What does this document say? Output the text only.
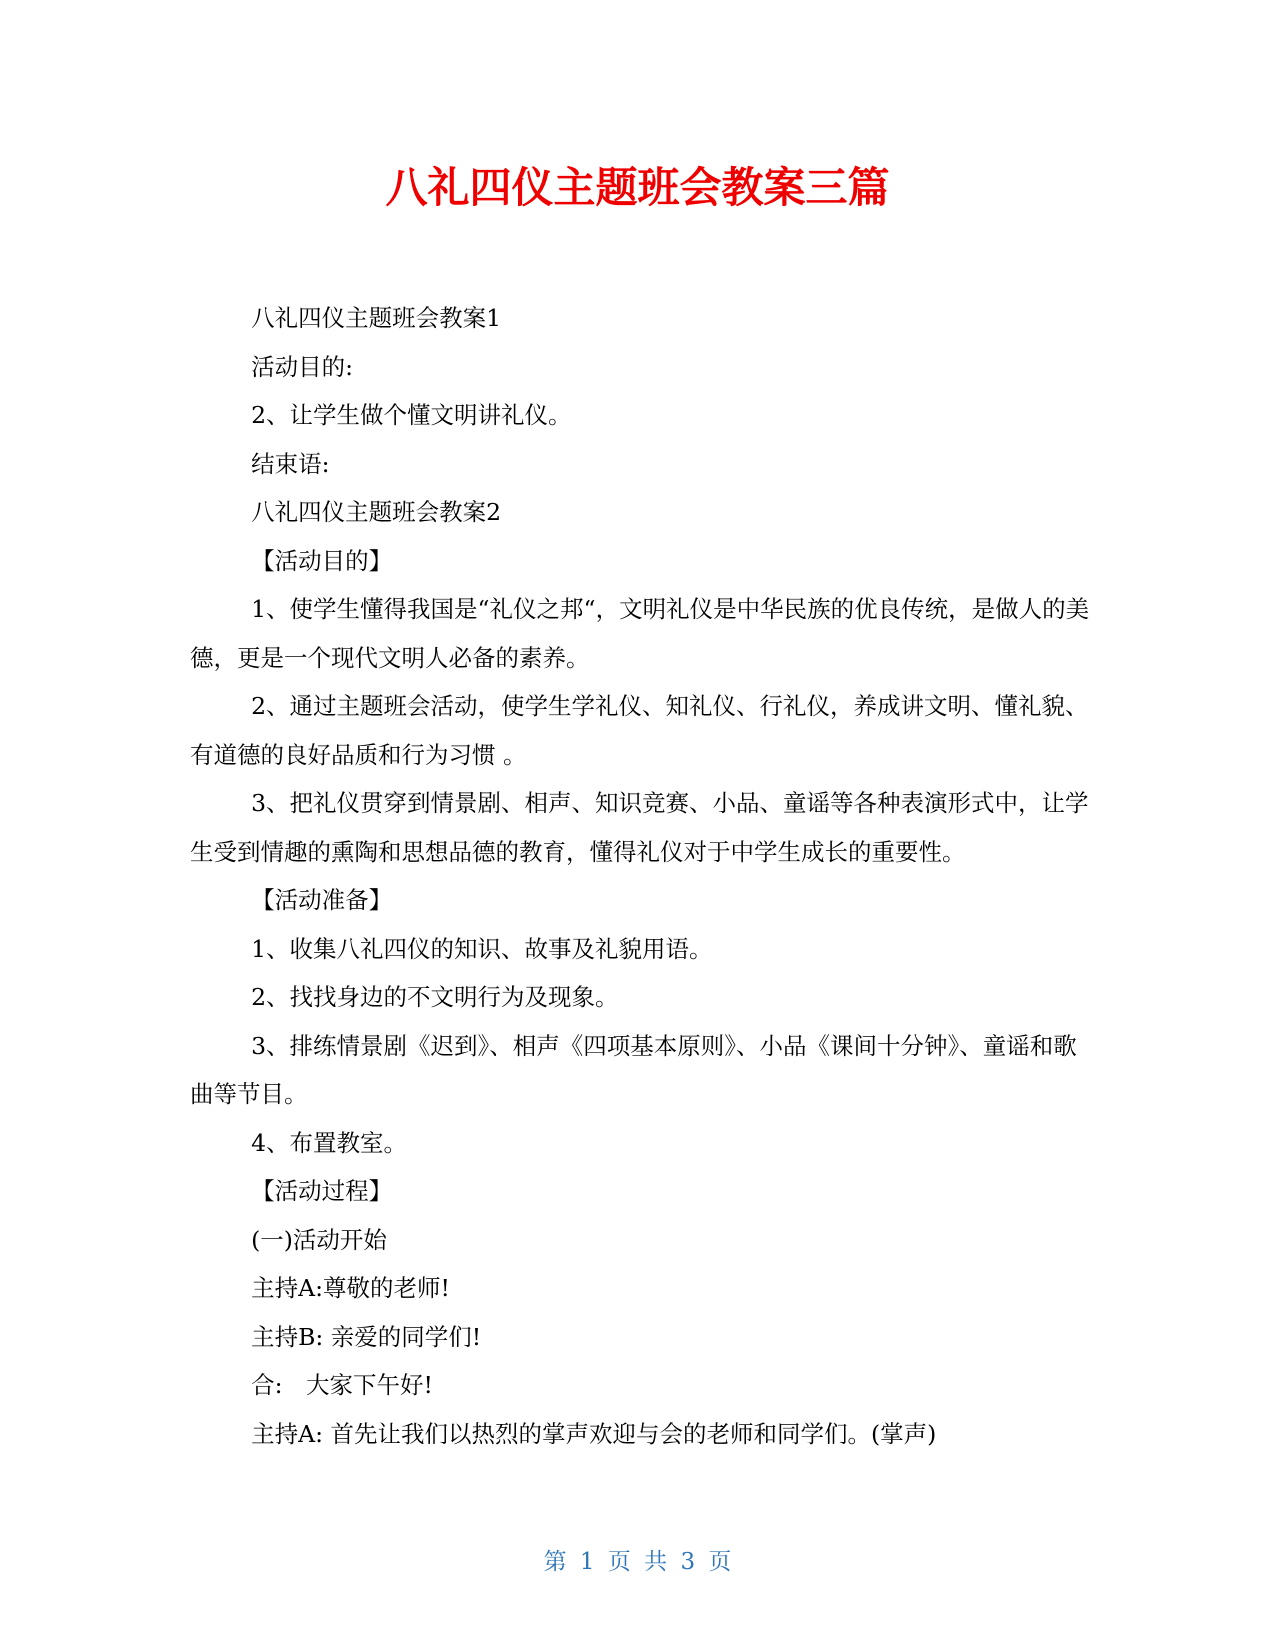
八礼四仪主题班会教案三篇

八礼四仪主题班会教案1

活动目的:

2、让学生做个懂文明讲礼仪。

结束语:

八礼四仪主题班会教案2

【活动目的】

1、使学生懂得我国是“礼仪之邦“，文明礼仪是中华民族的优良传统，是做人的美德，更是一个现代文明人必备的素养。

2、通过主题班会活动，使学生学礼仪、知礼仪、行礼仪，养成讲文明、懂礼貌、有道德的良好品质和行为习惯 。

3、把礼仪贯穿到情景剧、相声、知识竞赛、小品、童谣等各种表演形式中，让学生受到情趣的熏陶和思想品德的教育，懂得礼仪对于中学生成长的重要性。

【活动准备】

1、收集八礼四仪的知识、故事及礼貌用语。

2、找找身边的不文明行为及现象。

3、排练情景剧《迟到》、相声《四项基本原则》、小品《课间十分钟》、童谣和歌曲等节目。

4、布置教室。

【活动过程】

(一)活动开始

主持A:尊敬的老师!

主持B: 亲爱的同学们!

合:　大家下午好!

主持A: 首先让我们以热烈的掌声欢迎与会的老师和同学们。(掌声)

第 1 页 共 3 页
